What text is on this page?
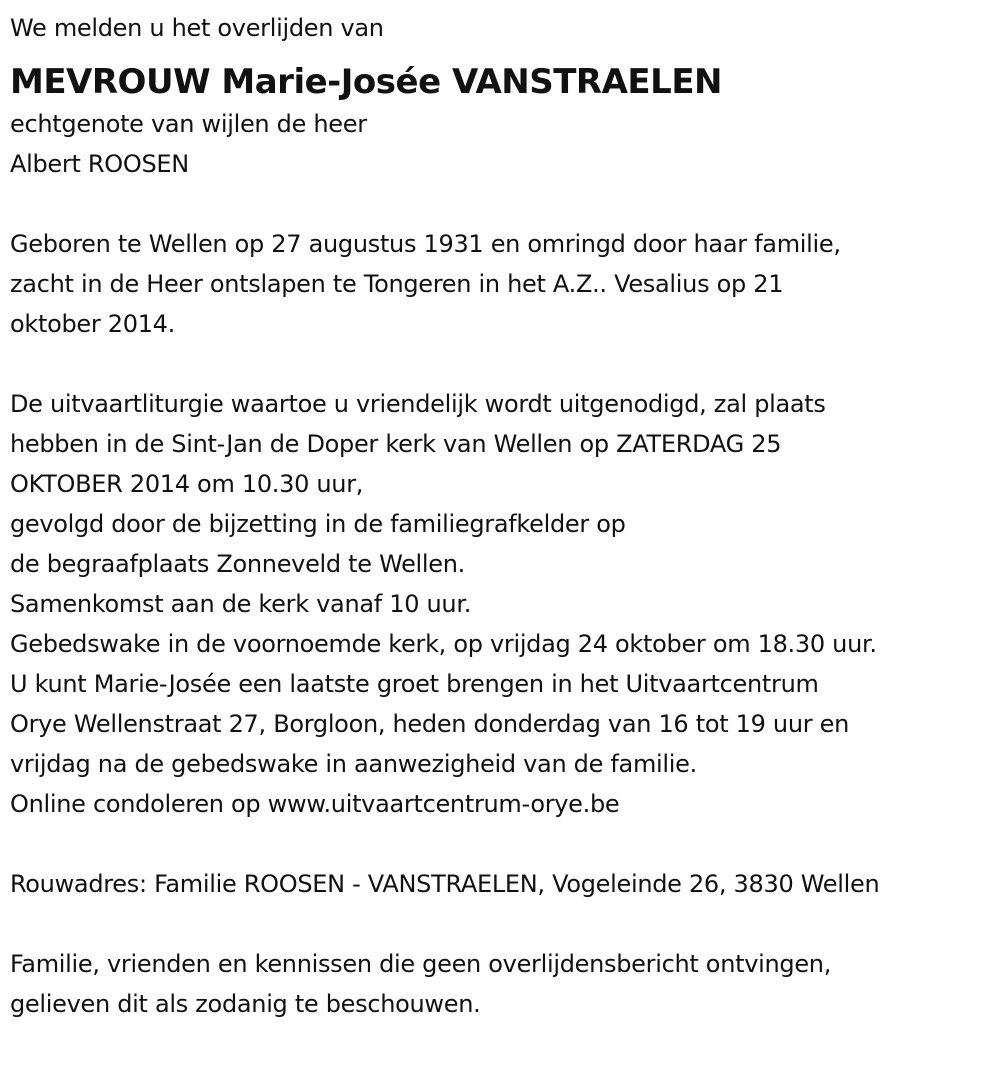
We melden u het overlijden van
MEVROUW Marie-Josée VANSTRAELEN
echtgenote van wijlen de heer
Albert ROOSEN
Geboren te Wellen op 27 augustus 1931 en omringd door haar familie,
zacht in de Heer ontslapen te Tongeren in het A.Z.. Vesalius op 21
oktober 2014.
De uitvaartliturgie waartoe u vriendelijk wordt uitgenodigd, zal plaats
hebben in de Sint-Jan de Doper kerk van Wellen op ZATERDAG 25
OKTOBER 2014 om 10.30 uur,
gevolgd door de bijzetting in de familiegrafkelder op
de begraafplaats Zonneveld te Wellen.
Samenkomst aan de kerk vanaf 10 uur.
Gebedswake in de voornoemde kerk, op vrijdag 24 oktober om 18.30 uur.
U kunt Marie-Josée een laatste groet brengen in het Uitvaartcentrum
Orye Wellenstraat 27, Borgloon, heden donderdag van 16 tot 19 uur en
vrijdag na de gebedswake in aanwezigheid van de familie.
Online condoleren op www.uitvaartcentrum-orye.be
Rouwadres: Familie ROOSEN - VANSTRAELEN, Vogeleinde 26, 3830 Wellen
Familie, vrienden en kennissen die geen overlijdensbericht ontvingen,
gelieven dit als zodanig te beschouwen.
